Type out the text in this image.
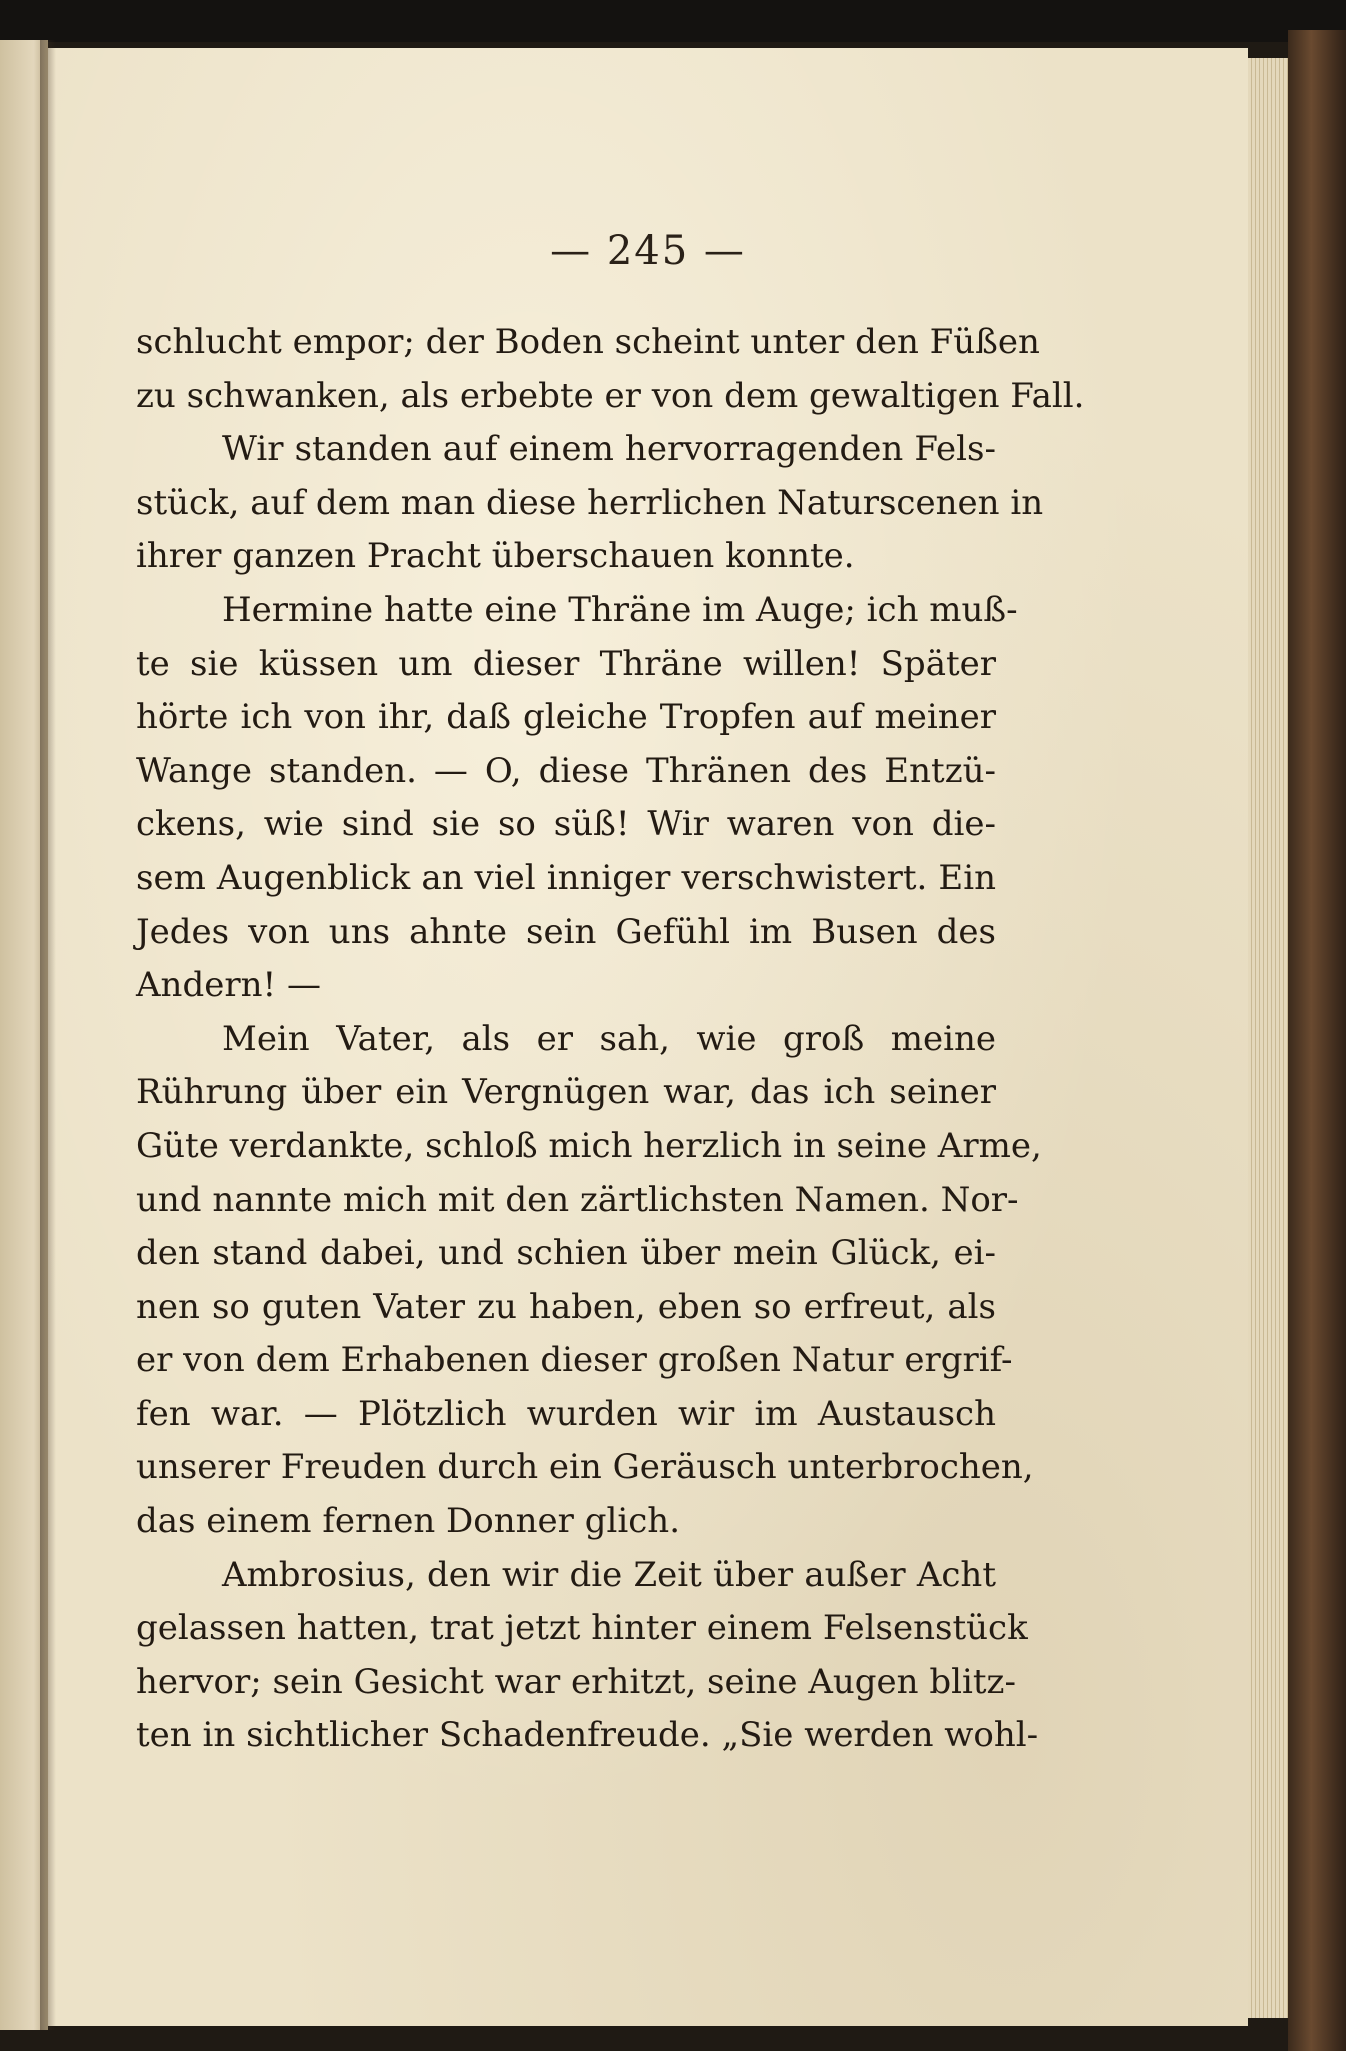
— 245 —
schlucht empor; der Boden scheint unter den Füßen
zu schwanken, als erbebte er von dem gewaltigen Fall.
Wir standen auf einem hervorragenden Fels-
stück, auf dem man diese herrlichen Naturscenen in
ihrer ganzen Pracht überschauen konnte.
Hermine hatte eine Thräne im Auge; ich muß-
te sie küssen um dieser Thräne willen! Später
hörte ich von ihr, daß gleiche Tropfen auf meiner
Wange standen. — O, diese Thränen des Entzü-
ckens, wie sind sie so süß! Wir waren von die-
sem Augenblick an viel inniger verschwistert. Ein
Jedes von uns ahnte sein Gefühl im Busen des
Andern! —
Mein Vater, als er sah, wie groß meine
Rührung über ein Vergnügen war, das ich seiner
Güte verdankte, schloß mich herzlich in seine Arme,
und nannte mich mit den zärtlichsten Namen. Nor-
den stand dabei, und schien über mein Glück, ei-
nen so guten Vater zu haben, eben so erfreut, als
er von dem Erhabenen dieser großen Natur ergrif-
fen war. — Plötzlich wurden wir im Austausch
unserer Freuden durch ein Geräusch unterbrochen,
das einem fernen Donner glich.
Ambrosius, den wir die Zeit über außer Acht
gelassen hatten, trat jetzt hinter einem Felsenstück
hervor; sein Gesicht war erhitzt, seine Augen blitz-
ten in sichtlicher Schadenfreude. „Sie werden wohl-
